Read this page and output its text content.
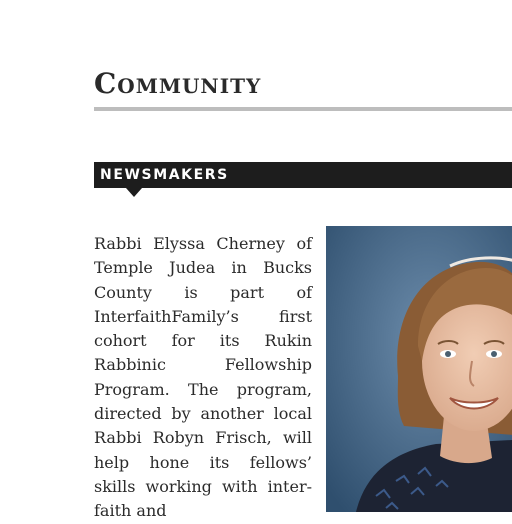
Community
NEWSMAKERS

Rabbi Elyssa Cherney of Temple Judea in Bucks County is part of InterfaithFamily’s first cohort for its Rukin Rabbinic Fellowship Program. The program, directed by another local Rabbi Robyn Frisch, will help hone its fellows’ skills working with inter-faith and
